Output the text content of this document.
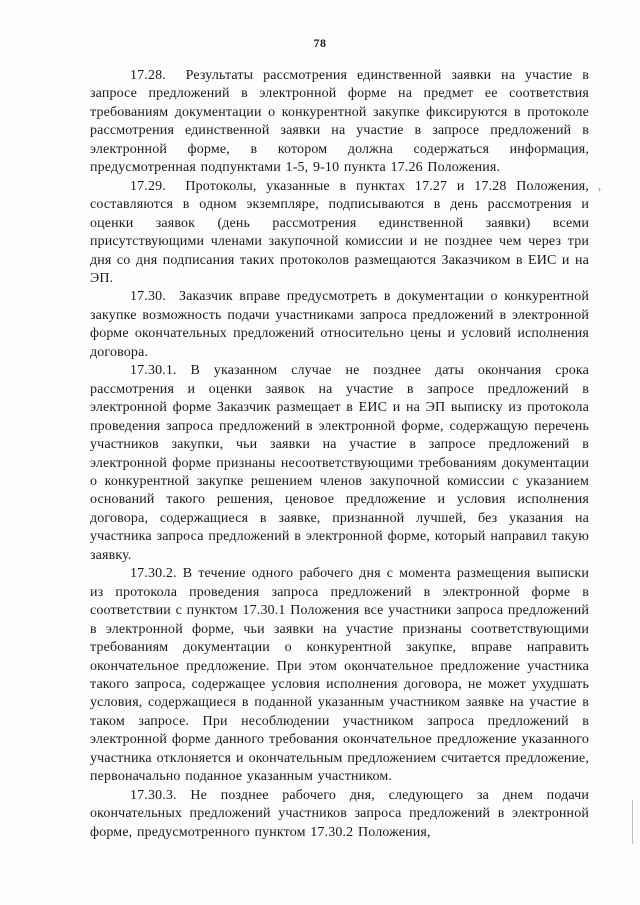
78

17.28. Результаты рассмотрения единственной заявки на участие в запросе предложений в электронной форме на предмет ее соответствия требованиям документации о конкурентной закупке фиксируются в протоколе рассмотрения единственной заявки на участие в запросе предложений в электронной форме, в котором должна содержаться информация, предусмотренная подпунктами 1-5, 9-10 пункта 17.26 Положения.

17.29. Протоколы, указанные в пунктах 17.27 и 17.28 Положения, составляются в одном экземпляре, подписываются в день рассмотрения и оценки заявок (день рассмотрения единственной заявки) всеми присутствующими членами закупочной комиссии и не позднее чем через три дня со дня подписания таких протоколов размещаются Заказчиком в ЕИС и на ЭП.

17.30. Заказчик вправе предусмотреть в документации о конкурентной закупке возможность подачи участниками запроса предложений в электронной форме окончательных предложений относительно цены и условий исполнения договора.

17.30.1. В указанном случае не позднее даты окончания срока рассмотрения и оценки заявок на участие в запросе предложений в электронной форме Заказчик размещает в ЕИС и на ЭП выписку из протокола проведения запроса предложений в электронной форме, содержащую перечень участников закупки, чьи заявки на участие в запросе предложений в электронной форме признаны несоответствующими требованиям документации о конкурентной закупке решением членов закупочной комиссии с указанием оснований такого решения, ценовое предложение и условия исполнения договора, содержащиеся в заявке, признанной лучшей, без указания на участника запроса предложений в электронной форме, который направил такую заявку.

17.30.2. В течение одного рабочего дня с момента размещения выписки из протокола проведения запроса предложений в электронной форме в соответствии с пунктом 17.30.1 Положения все участники запроса предложений в электронной форме, чьи заявки на участие признаны соответствующими требованиям документации о конкурентной закупке, вправе направить окончательное предложение. При этом окончательное предложение участника такого запроса, содержащее условия исполнения договора, не может ухудшать условия, содержащиеся в поданной указанным участником заявке на участие в таком запросе. При несоблюдении участником запроса предложений в электронной форме данного требования окончательное предложение указанного участника отклоняется и окончательным предложением считается предложение, первоначально поданное указанным участником.

17.30.3. Не позднее рабочего дня, следующего за днем подачи окончательных предложений участников запроса предложений в электронной форме, предусмотренного пунктом 17.30.2 Положения,

›
